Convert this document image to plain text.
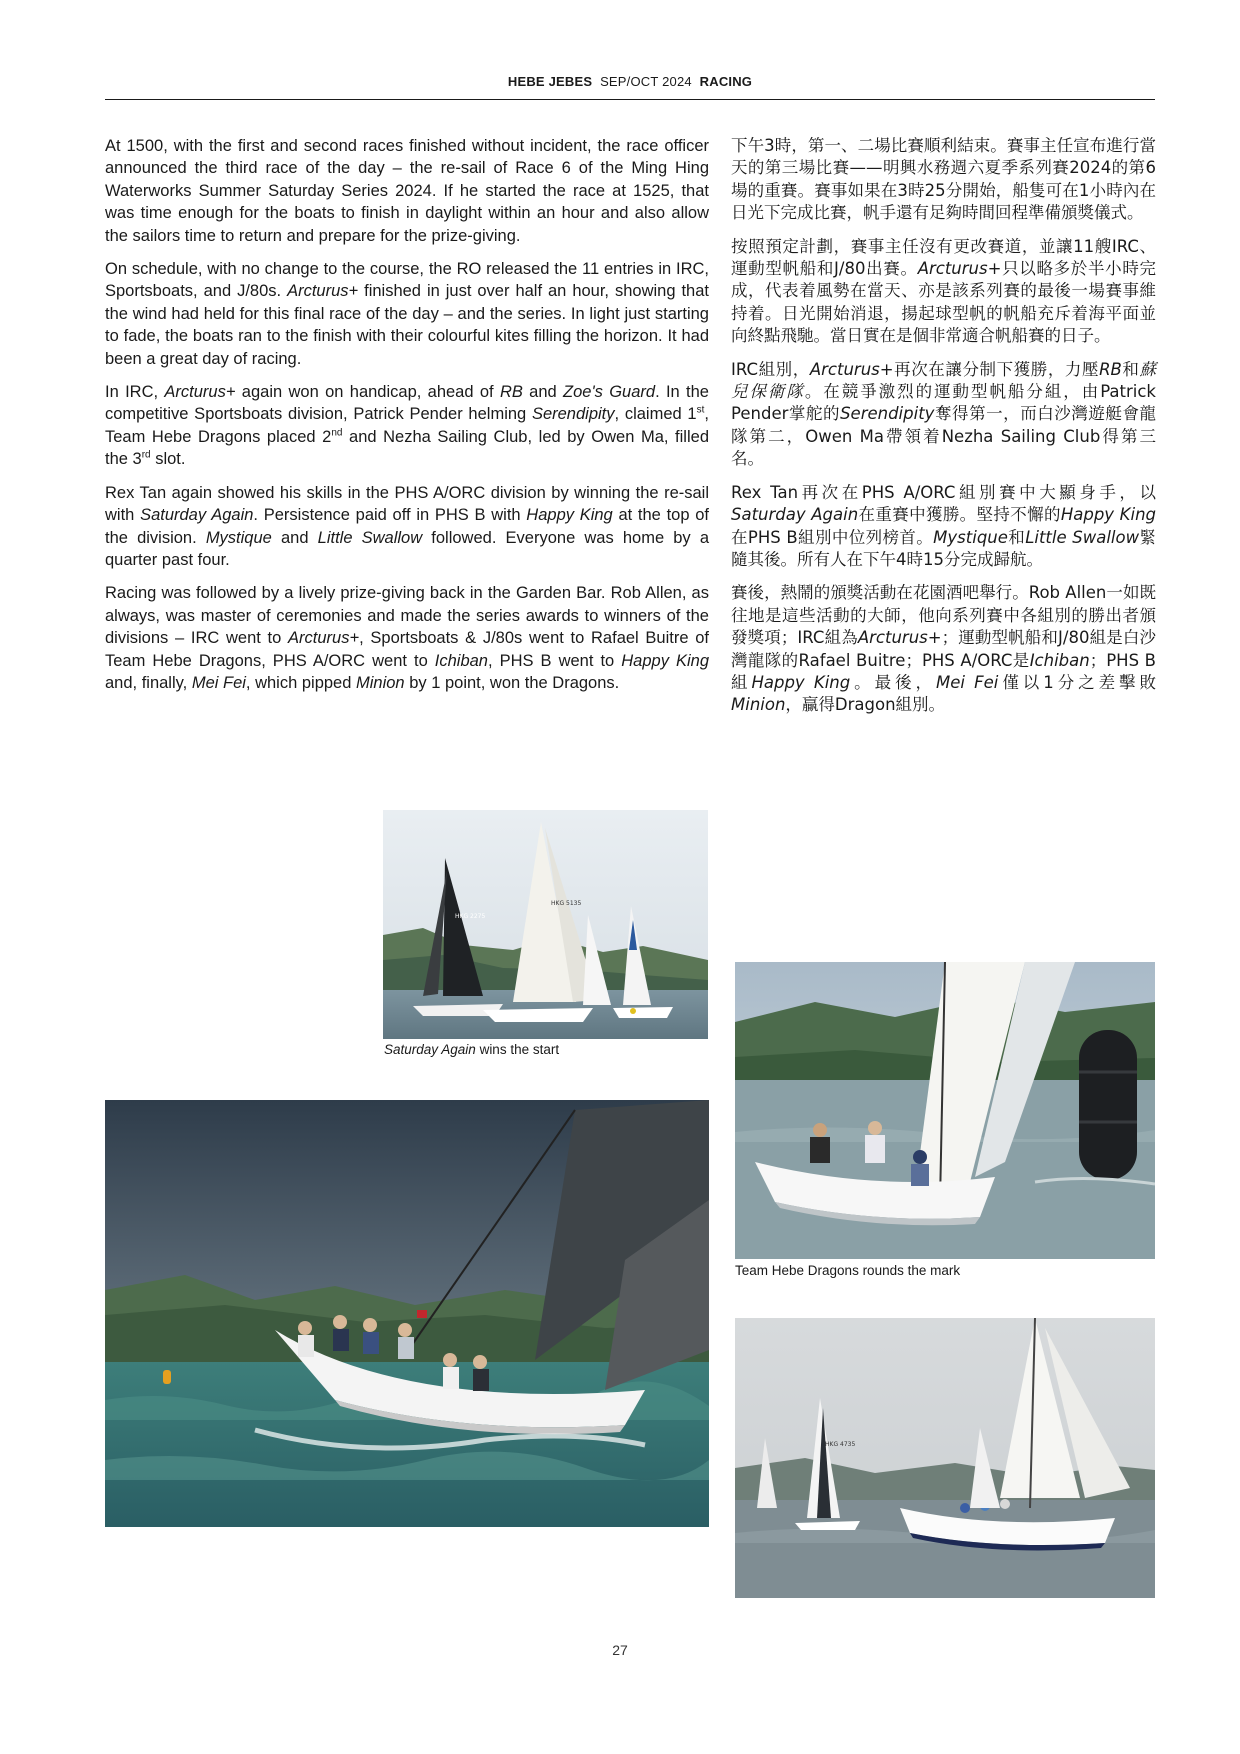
HEBE JEBES SEP/OCT 2024 RACING

At 1500, with the first and second races finished without incident, the race officer announced the third race of the day – the re-sail of Race 6 of the Ming Hing Waterworks Summer Saturday Series 2024. If he started the race at 1525, that was time enough for the boats to finish in daylight within an hour and also allow the sailors time to return and prepare for the prize-giving.

On schedule, with no change to the course, the RO released the 11 entries in IRC, Sportsboats, and J/80s. Arcturus+ finished in just over half an hour, showing that the wind had held for this final race of the day – and the series. In light just starting to fade, the boats ran to the finish with their colourful kites filling the horizon. It had been a great day of racing.

In IRC, Arcturus+ again won on handicap, ahead of RB and Zoe's Guard. In the competitive Sportsboats division, Patrick Pender helming Serendipity, claimed 1st, Team Hebe Dragons placed 2nd and Nezha Sailing Club, led by Owen Ma, filled the 3rd slot.

Rex Tan again showed his skills in the PHS A/ORC division by winning the re-sail with Saturday Again. Persistence paid off in PHS B with Happy King at the top of the division. Mystique and Little Swallow followed. Everyone was home by a quarter past four.

Racing was followed by a lively prize-giving back in the Garden Bar. Rob Allen, as always, was master of ceremonies and made the series awards to winners of the divisions – IRC went to Arcturus+, Sportsboats & J/80s went to Rafael Buitre of Team Hebe Dragons, PHS A/ORC went to Ichiban, PHS B went to Happy King and, finally, Mei Fei, which pipped Minion by 1 point, won the Dragons.

下午3時，第一、二場比賽順利結束。賽事主任宣布進行當天的第三場比賽——明興水務週六夏季系列賽2024的第6場的重賽。賽事如果在3時25分開始，船隻可在1小時內在日光下完成比賽，帆手還有足夠時間回程準備頒獎儀式。

按照預定計劃，賽事主任沒有更改賽道，並讓11艘IRC、運動型帆船和J/80出賽。Arcturus+只以略多於半小時完成，代表着風勢在當天、亦是該系列賽的最後一場賽事維持着。日光開始消退，揚起球型帆的帆船充斥着海平面並向終點飛馳。當日實在是個非常適合帆船賽的日子。

IRC組別，Arcturus+再次在讓分制下獲勝，力壓RB和蘇兒保衛隊。在競爭激烈的運動型帆船分組，由Patrick Pender掌舵的Serendipity奪得第一，而白沙灣遊艇會龍隊第二，Owen Ma帶領着Nezha Sailing Club得第三名。

Rex Tan再次在PHS A/ORC組別賽中大顯身手，以Saturday Again在重賽中獲勝。堅持不懈的Happy King在PHS B組別中位列榜首。Mystique和Little Swallow緊隨其後。所有人在下午4時15分完成歸航。

賽後，熱鬧的頒獎活動在花園酒吧舉行。Rob Allen一如既往地是這些活動的大師，他向系列賽中各組別的勝出者頒發獎項；IRC組為Arcturus+；運動型帆船和J/80組是白沙灣龍隊的Rafael Buitre；PHS A/ORC是Ichiban；PHS B組Happy King。最後，Mei Fei僅以1分之差擊敗Minion，贏得Dragon組別。

HKG 2275
HKG 5135
Saturday Again wins the start
Team Hebe Dragons rounds the mark
HKG 4735
27
